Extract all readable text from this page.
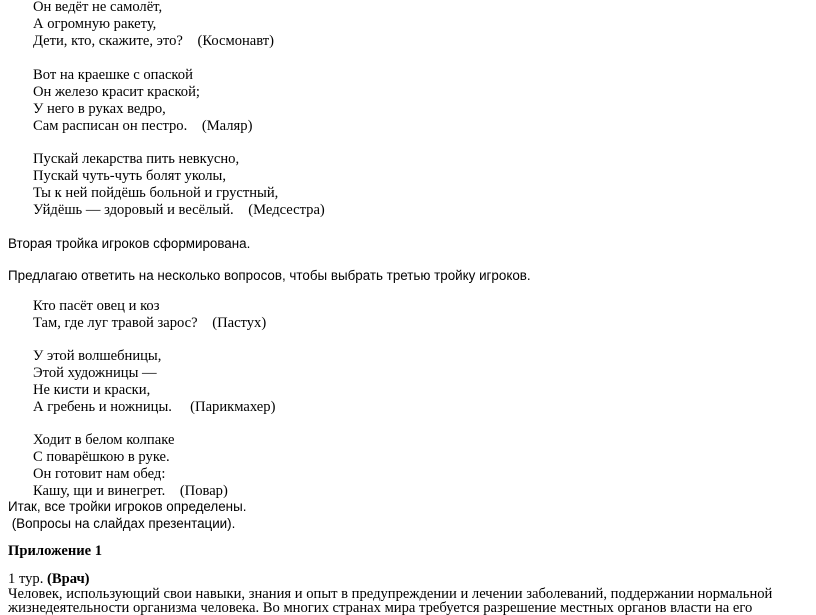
Он ведёт не самолёт,
А огромную ракету,
Дети, кто, скажите, это?    (Космонавт)
Вот на краешке с опаской
Он железо красит краской;
У него в руках ведро,
Сам расписан он пестро.    (Маляр)
Пускай лекарства пить невкусно,
Пускай чуть-чуть болят уколы,
Ты к ней пойдёшь больной и грустный,
Уйдёшь — здоровый и весёлый.    (Медсестра)
Вторая тройка игроков сформирована.
Предлагаю ответить на несколько вопросов, чтобы выбрать третью тройку игроков.
Кто пасёт овец и коз
Там, где луг травой зарос?    (Пастух)
У этой волшебницы,
Этой художницы —
Не кисти и краски,
А гребень и ножницы.     (Парикмахер)
Ходит в белом колпаке
С поварёшкою в руке.
Он готовит нам обед:
Кашу, щи и винегрет.    (Повар)
Итак, все тройки игроков определены.
(Вопросы на слайдах презентации).
Приложение 1
1 тур. (Врач)
Человек, использующий свои навыки, знания и опыт в предупреждении и лечении заболеваний, поддержании нормальной
жизнедеятельности организма человека. Во многих странах мира требуется разрешение местных органов власти на его
